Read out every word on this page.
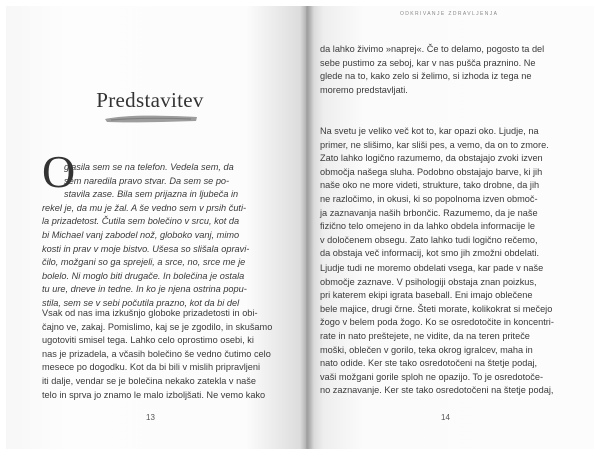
ODKRIVANJE ZDRAVLJENJA
Predstavitev
O
glasila sem se na telefon. Vedela sem, da
sem naredila pravo stvar. Da sem se po-
stavila zase. Bila sem prijazna in ljubeča in
rekel je, da mu je žal. A še vedno sem v prsih čuti-
la prizadetost. Čutila sem bolečino v srcu, kot da
bi Michael vanj zabodel nož, globoko vanj, mimo
kosti in prav v moje bistvo. Ušesa so slišala opravi-
čilo, možgani so ga sprejeli, a srce, no, srce me je
bolelo. Ni moglo biti drugače. In bolečina je ostala
tu ure, dneve in tedne. In ko je njena ostrina popu-
stila, sem se v sebi počutila prazno, kot da bi del
Vsak od nas ima izkušnjo globoke prizadetosti in obi-
čajno ve, zakaj. Pomislimo, kaj se je zgodilo, in skušamo
ugotoviti smisel tega. Lahko celo oprostimo osebi, ki
nas je prizadela, a včasih bolečino še vedno čutimo celo
mesece po dogodku. Kot da bi bili v mislih pripravljeni
iti dalje, vendar se je bolečina nekako zatekla v naše
telo in sprva jo znamo le malo izboljšati. Ne vemo kako
13
da lahko živimo »naprej«. Če to delamo, pogosto ta del
sebe pustimo za seboj, kar v nas pušča praznino. Ne
glede na to, kako zelo si želimo, si izhoda iz tega ne
moremo predstavljati.
Na svetu je veliko več kot to, kar opazi oko. Ljudje, na
primer, ne slišimo, kar sliši pes, a vemo, da on to zmore.
Zato lahko logično razumemo, da obstajajo zvoki izven
območja našega sluha. Podobno obstajajo barve, ki jih
naše oko ne more videti, strukture, tako drobne, da jih
ne razločimo, in okusi, ki so popolnoma izven območ-
ja zaznavanja naših brbončic. Razumemo, da je naše
fizično telo omejeno in da lahko obdela informacije le
v določenem obsegu. Zato lahko tudi logično rečemo,
da obstaja več informacij, kot smo jih zmožni obdelati.
Ljudje tudi ne moremo obdelati vsega, kar pade v naše
območje zaznave. V psihologiji obstaja znan poizkus,
pri katerem ekipi igrata baseball. Eni imajo oblečene
bele majice, drugi črne. Šteti morate, kolikokrat si mečejo
žogo v belem poda žogo. Ko se osredotočite in koncentri-
rate in nato preštejete, ne vidite, da na teren priteče
moški, oblečen v gorilo, teka okrog igralcev, maha in
nato odide. Ker ste tako osredotočeni na štetje podaj,
vaši možgani gorile sploh ne opazijo. To je osredotoče-
no zaznavanje. Ker ste tako osredotočeni na štetje podaj,
14
